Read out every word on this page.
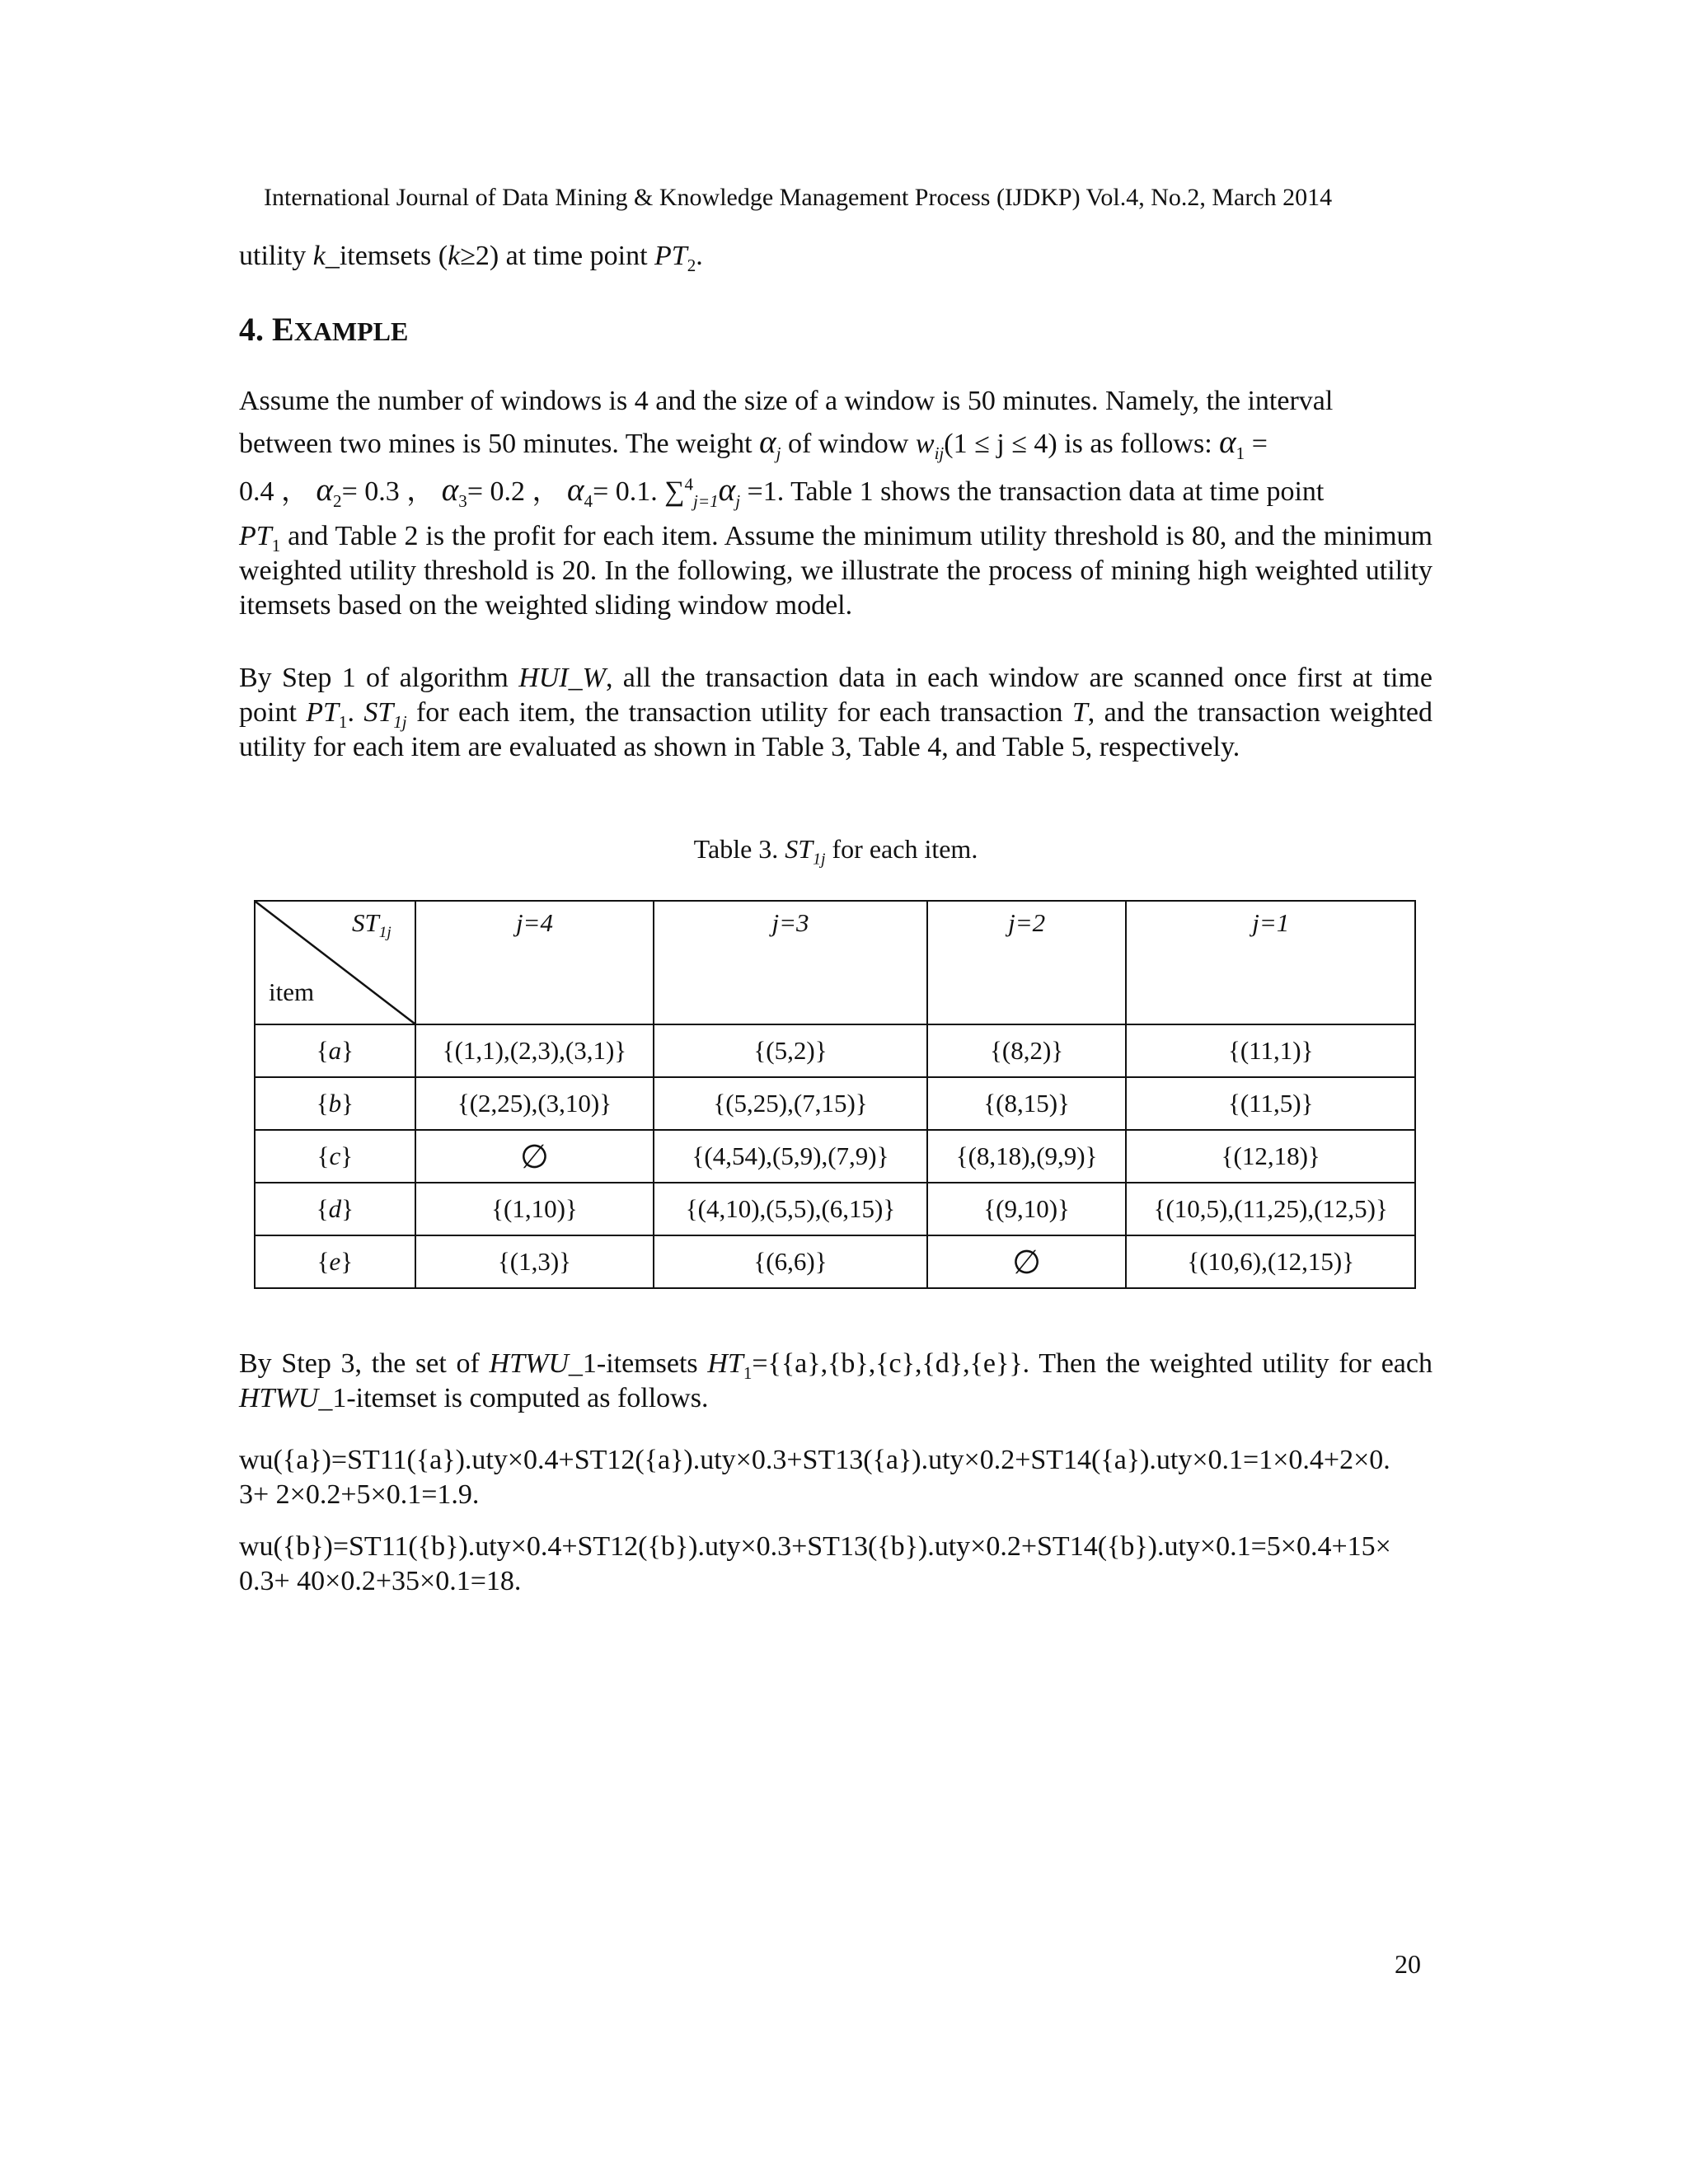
International Journal of Data Mining & Knowledge Management Process (IJDKP) Vol.4, No.2, March 2014
utility k_itemsets (k≥2) at time point $PT_2$.
4. EXAMPLE
Assume the number of windows is 4 and the size of a window is 50 minutes. Namely, the interval
between two mines is 50 minutes. The weight $\alpha_j$ of window $w_{ij}(1 \le j \le 4)$ is as follows: $\alpha_1$ =
0.4 ， $\alpha_2= 0.3$ ， $\alpha_3= 0.2$ ， $\alpha_4= 0.1$. $\sum^4_{j=1}\alpha_j =1$. Table 1 shows the transaction data at time point
$PT_1$ and Table 2 is the profit for each item. Assume the minimum utility threshold is 80, and the minimum weighted utility threshold is 20. In the following, we illustrate the process of mining high weighted utility itemsets based on the weighted sliding window model.
By Step 1 of algorithm HUI_W, all the transaction data in each window are scanned once first at time point $PT_1$. $ST_{1j}$ for each item, the transaction utility for each transaction T, and the transaction weighted utility for each item are evaluated as shown in Table 3, Table 4, and Table 5, respectively.
Table 3. $ST_{1j}$ for each item.
$ST_{1j}$
item	j=4	j=3	j=2	j=1
{a}	{(1,1),(2,3),(3,1)}	{(5,2)}	{(8,2)}	{(11,1)}
{b}	{(2,25),(3,10)}	{(5,25),(7,15)}	{(8,15)}	{(11,5)}
{c}	∅	{(4,54),(5,9),(7,9)}	{(8,18),(9,9)}	{(12,18)}
{d}	{(1,10)}	{(4,10),(5,5),(6,15)}	{(9,10)}	{(10,5),(11,25),(12,5)}
{e}	{(1,3)}	{(6,6)}	∅	{(10,6),(12,15)}
By Step 3, the set of HTWU_1-itemsets $HT_1=\{\{a\},\{b\},\{c\},\{d\},\{e\}\}$. Then the weighted utility for each HTWU_1-itemset is computed as follows.
wu({a})=ST11({a}).uty×0.4+ST12({a}).uty×0.3+ST13({a}).uty×0.2+ST14({a}).uty×0.1=1×0.4+2×0.
3+ 2×0.2+5×0.1=1.9.
wu({b})=ST11({b}).uty×0.4+ST12({b}).uty×0.3+ST13({b}).uty×0.2+ST14({b}).uty×0.1=5×0.4+15×
0.3+ 40×0.2+35×0.1=18.
20
